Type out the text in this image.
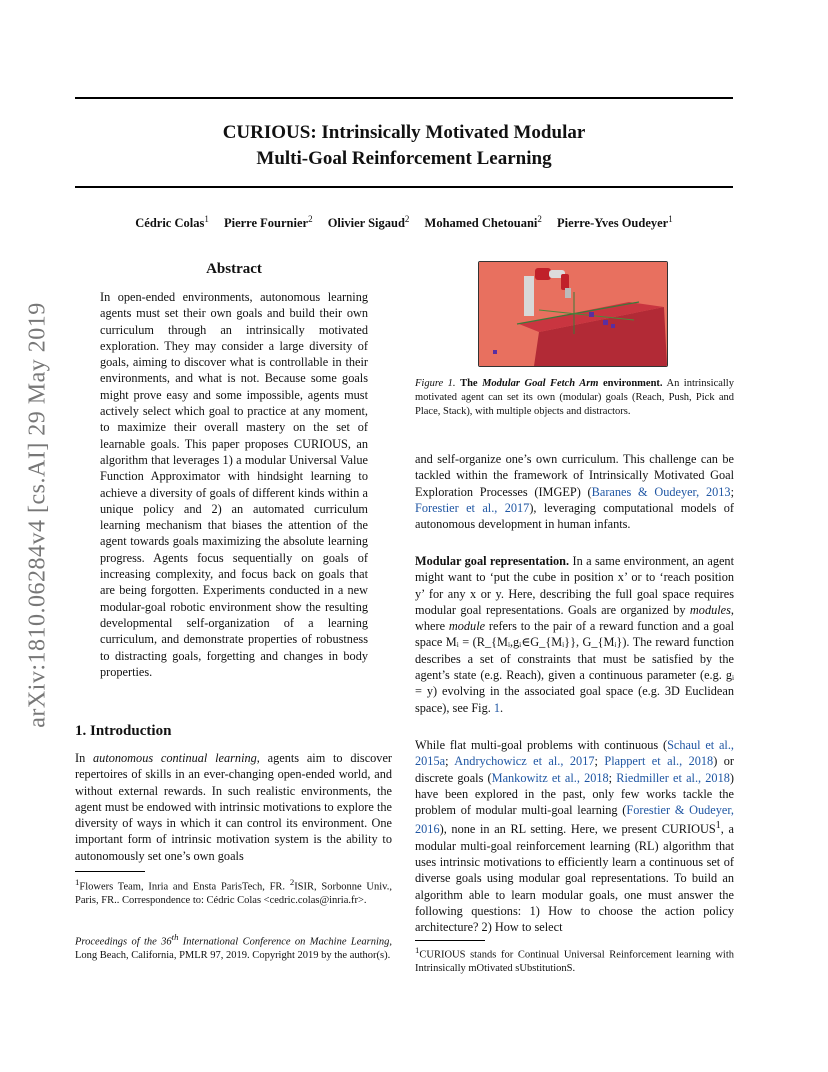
arXiv:1810.06284v4 [cs.AI] 29 May 2019
CURIOUS: Intrinsically Motivated Modular
Multi-Goal Reinforcement Learning
Cédric Colas$^1$ Pierre Fournier$^2$ Olivier Sigaud$^2$ Mohamed Chetouani$^2$ Pierre-Yves Oudeyer$^1$
Abstract
In open-ended environments, autonomous learning agents must set their own goals and build their own curriculum through an intrinsically motivated exploration. They may consider a large diversity of goals, aiming to discover what is controllable in their environments, and what is not. Because some goals might prove easy and some impossible, agents must actively select which goal to practice at any moment, to maximize their overall mastery on the set of learnable goals. This paper proposes CURIOUS, an algorithm that leverages 1) a modular Universal Value Function Approximator with hindsight learning to achieve a diversity of goals of different kinds within a unique policy and 2) an automated curriculum learning mechanism that biases the attention of the agent towards goals maximizing the absolute learning progress. Agents focus sequentially on goals of increasing complexity, and focus back on goals that are being forgotten. Experiments conducted in a new modular-goal robotic environment show the resulting developmental self-organization of a learning curriculum, and demonstrate properties of robustness to distracting goals, forgetting and changes in body properties.
1. Introduction

In autonomous continual learning, agents aim to discover repertoires of skills in an ever-changing open-ended world, and without external rewards. In such realistic environments, the agent must be endowed with intrinsic motivations to explore the diversity of ways in which it can control its environment. One important form of intrinsic motivation system is the ability to autonomously set one’s own goals

$^1$Flowers Team, Inria and Ensta ParisTech, FR. $^2$ISIR, Sorbonne Univ., Paris, FR.. Correspondence to: Cédric Colas <cedric.colas@inria.fr>.

Proceedings of the 36th International Conference on Machine Learning, Long Beach, California, PMLR 97, 2019. Copyright 2019 by the author(s).

Figure 1. The Modular Goal Fetch Arm environment. An intrinsically motivated agent can set its own (modular) goals (Reach, Push, Pick and Place, Stack), with multiple objects and distractors.

and self-organize one’s own curriculum. This challenge can be tackled within the framework of Intrinsically Motivated Goal Exploration Processes (IMGEP) (Baranes & Oudeyer, 2013; Forestier et al., 2017), leveraging computational models of autonomous development in human infants.

Modular goal representation. In a same environment, an agent might want to ‘put the cube in position x’ or to ‘reach position y’ for any x or y. Here, describing the full goal space requires modular goal representations. Goals are organized by modules, where module refers to the pair of a reward function and a goal space Mᵢ = (R_{Mᵢ,gᵢ∈G_{Mᵢ}}, G_{Mᵢ}). The reward function describes a set of constraints that must be satisfied by the agent’s state (e.g. Reach), given a continuous parameter (e.g. gᵢ = y) evolving in the associated goal space (e.g. 3D Euclidean space), see Fig. 1.

While flat multi-goal problems with continuous (Schaul et al., 2015a; Andrychowicz et al., 2017; Plappert et al., 2018) or discrete goals (Mankowitz et al., 2018; Riedmiller et al., 2018) have been explored in the past, only few works tackle the problem of modular multi-goal learning (Forestier & Oudeyer, 2016), none in an RL setting. Here, we present CURIOUS$^1$, a modular multi-goal reinforcement learning (RL) algorithm that uses intrinsic motivations to efficiently learn a continuous set of diverse goals using modular goal representations. To build an algorithm able to learn modular goals, one must answer the following questions: 1) How to choose the action policy architecture? 2) How to select

$^1$CURIOUS stands for Continual Universal Reinforcement learning with Intrinsically mOtivated sUbstitutionS.
